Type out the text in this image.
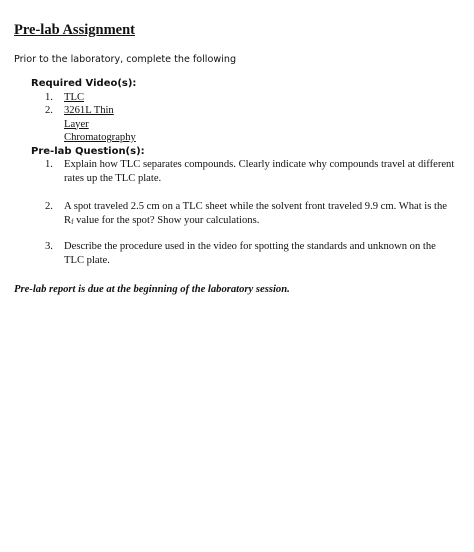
Pre-lab Assignment

Prior to the laboratory, complete the following

Required Video(s):
1.	TLC
2.	3261L Thin Layer Chromatography
Pre-lab Question(s):
1.	Explain how TLC separates compounds. Clearly indicate why compounds travel at different rates up the TLC plate.
2.	A spot traveled 2.5 cm on a TLC sheet while the solvent front traveled 9.9 cm. What is the $R_f$ value for the spot? Show your calculations.
3.	Describe the procedure used in the video for spotting the standards and unknown on the TLC plate.

Pre-lab report is due at the beginning of the laboratory session.
